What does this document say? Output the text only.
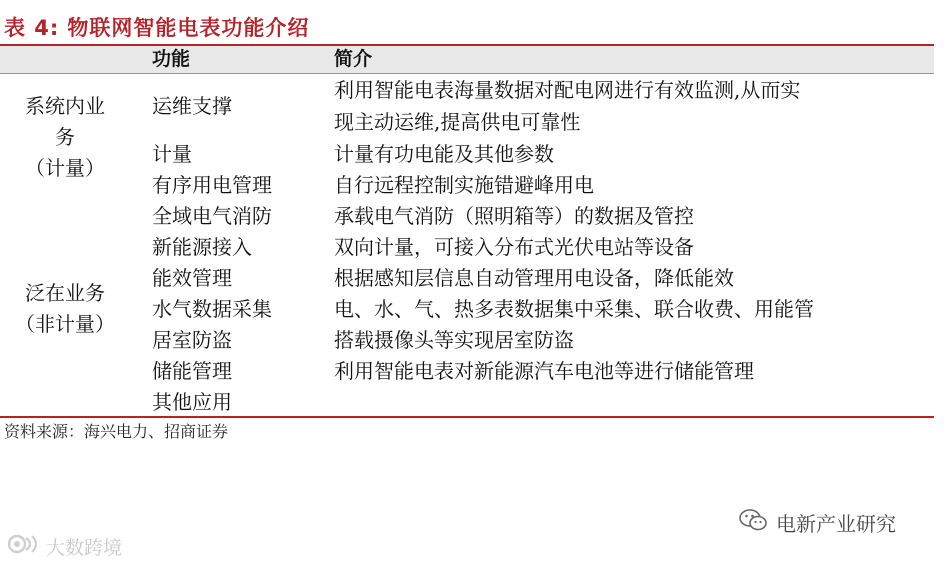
表 4: 物联网智能电表功能介绍
功能	简介
系统内业
务
（计量）
泛在业务
（非计量）
运维支撑
计量
有序用电管理
全域电气消防
新能源接入
能效管理
水气数据采集
居室防盗
储能管理
其他应用
利用智能电表海量数据对配电网进行有效监测,从而实
现主动运维,提高供电可靠性
计量有功电能及其他参数
自行远程控制实施错避峰用电
承载电气消防（照明箱等）的数据及管控
双向计量，可接入分布式光伏电站等设备
根据感知层信息自动管理用电设备，降低能效
电、水、气、热多表数据集中采集、联合收费、用能管
搭载摄像头等实现居室防盗
利用智能电表对新能源汽车电池等进行储能管理
资料来源：海兴电力、招商证券
电新产业研究
大数跨境
